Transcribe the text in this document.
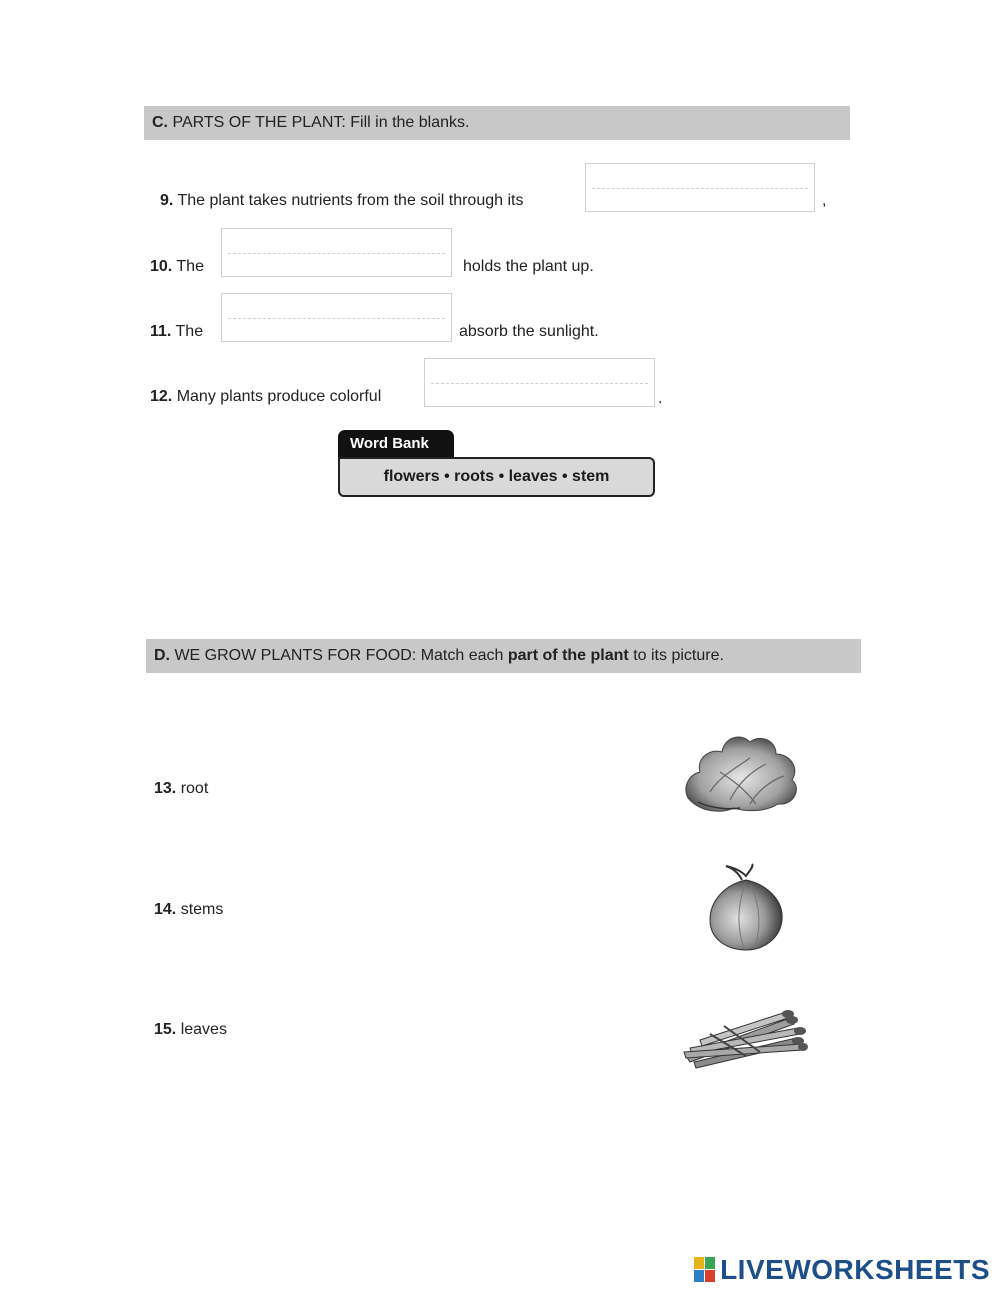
C. PARTS OF THE PLANT: Fill in the blanks.
9. The plant takes nutrients from the soil through its	,
10. The	holds the plant up.
11. The	absorb the sunlight.
12. Many plants produce colorful	.
Word Bank
flowers • roots • leaves • stem
D. WE GROW PLANTS FOR FOOD: Match each part of the plant to its picture.
13. root
14. stems
15. leaves
LIVEWORKSHEETS
